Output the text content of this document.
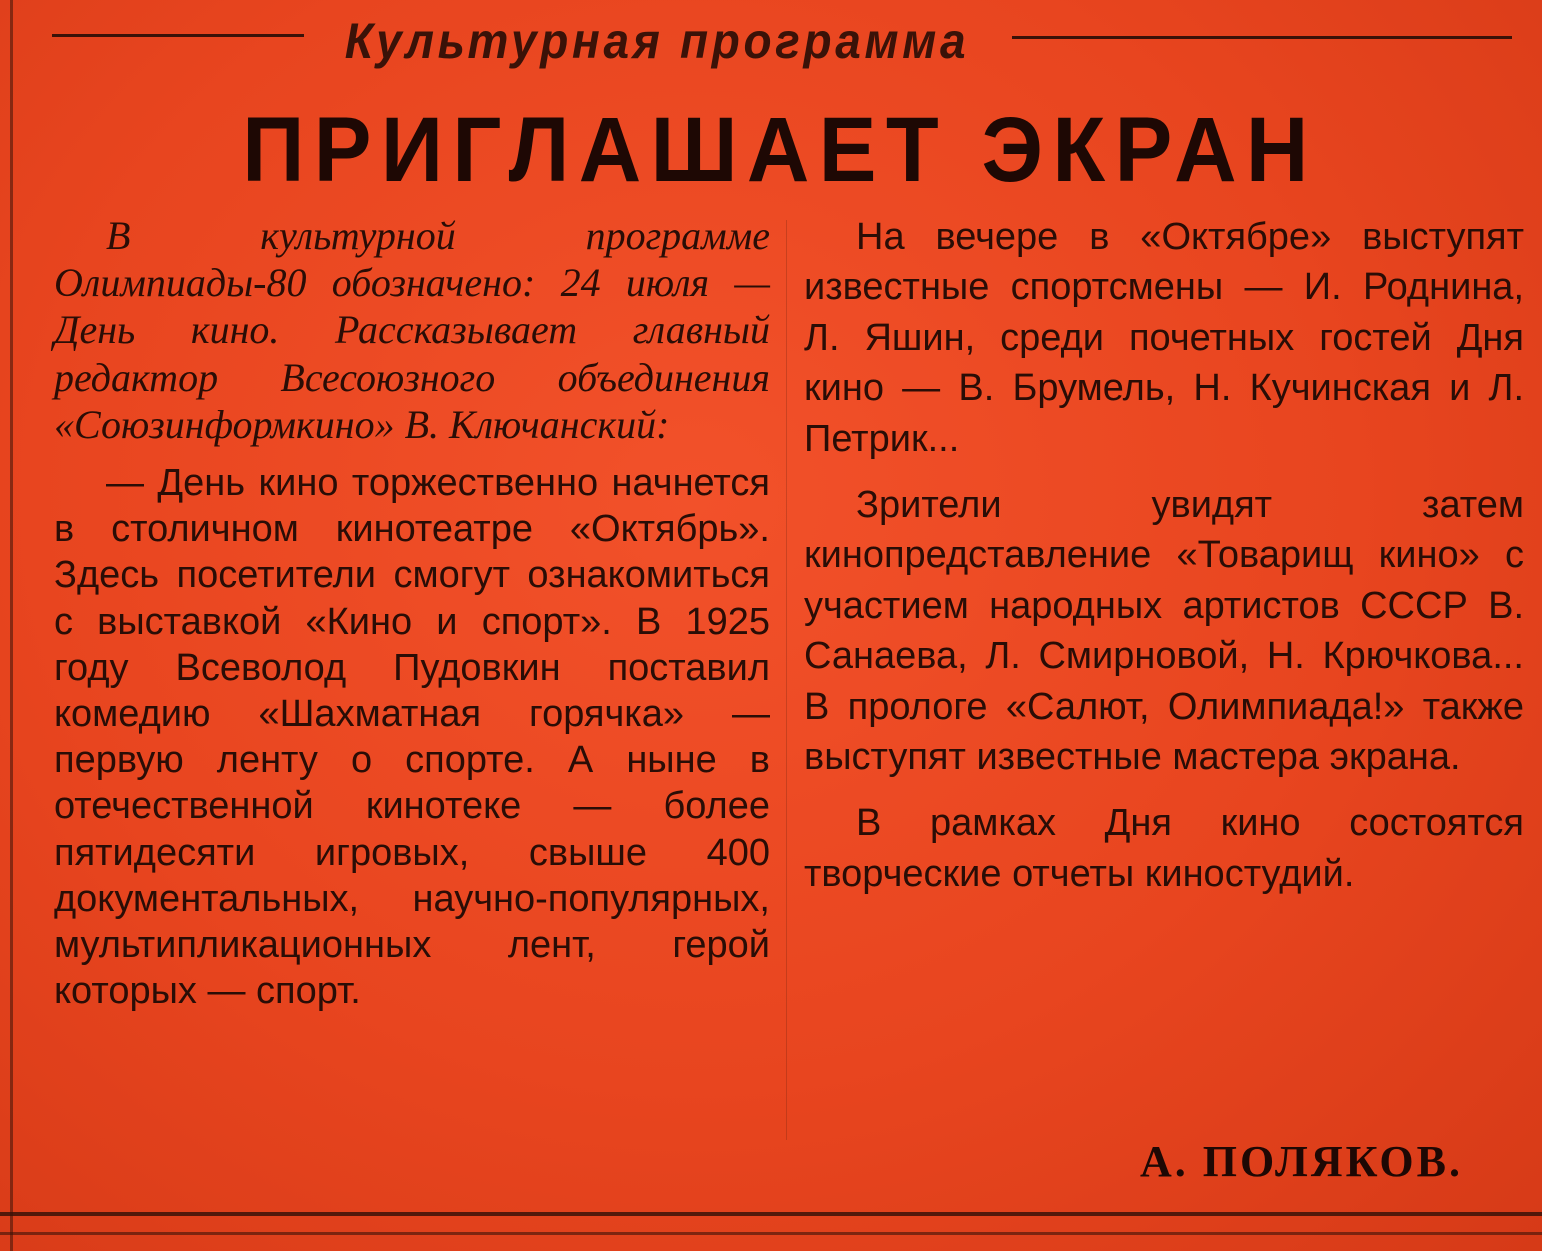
Культурная программа
ПРИГЛАШАЕТ ЭКРАН

В культурной программе Олимпиады-80 обозначено: 24 июля — День кино. Рассказывает главный редактор Всесоюзного объединения «Союзинформкино» В. Ключанский:

— День кино торжественно начнется в столичном кинотеатре «Октябрь». Здесь посетители смогут ознакомиться с выставкой «Кино и спорт». В 1925 году Всеволод Пудовкин поставил комедию «Шахматная горячка» — первую ленту о спорте. А ныне в отечественной кинотеке — более пятидесяти игровых, свыше 400 документальных, научно-популярных, мультипликационных лент, герой которых — спорт.

На вечере в «Октябре» выступят известные спортсмены — И. Роднина, Л. Яшин, среди почетных гостей Дня кино — В. Брумель, Н. Кучинская и Л. Петрик...

Зрители увидят затем кинопредставление «Товарищ кино» с участием народных артистов СССР В. Санаева, Л. Смирновой, Н. Крючкова... В прологе «Салют, Олимпиада!» также выступят известные мастера экрана.

В рамках Дня кино состоятся творческие отчеты киностудий.

А. ПОЛЯКОВ.
